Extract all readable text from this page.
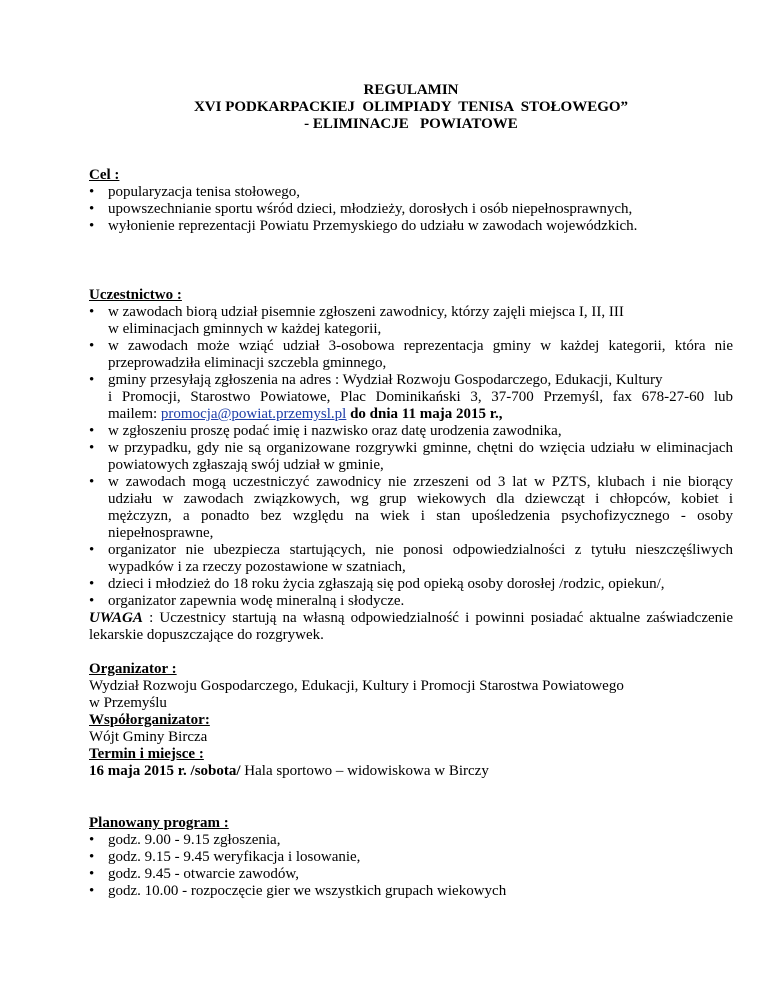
REGULAMIN
XVI PODKARPACKIEJ  OLIMPIADY  TENISA  STOŁOWEGO”
- ELIMINACJE   POWIATOWE
Cel :
• popularyzacja tenisa stołowego,
• upowszechnianie sportu wśród dzieci, młodzieży, dorosłych i osób niepełnosprawnych,
• wyłonienie reprezentacji Powiatu Przemyskiego do udziału w zawodach wojewódzkich.
Uczestnictwo :
• w zawodach biorą udział pisemnie zgłoszeni zawodnicy, którzy zajęli miejsca I, II, III
w eliminacjach gminnych w każdej kategorii,
• w zawodach może wziąć udział 3-osobowa reprezentacja gminy w każdej kategorii, która nie
przeprowadziła eliminacji szczebla gminnego,
• gminy przesyłają zgłoszenia na adres : Wydział Rozwoju Gospodarczego, Edukacji, Kultury
i Promocji, Starostwo Powiatowe, Plac Dominikański 3, 37-700 Przemyśl, fax 678-27-60 lub
mailem: promocja@powiat.przemysl.pl do dnia 11 maja 2015 r.,
• w zgłoszeniu proszę podać imię i nazwisko oraz datę urodzenia zawodnika,
• w przypadku, gdy nie są organizowane rozgrywki gminne, chętni do wzięcia udziału w eliminacjach
powiatowych zgłaszają swój udział w gminie,
• w zawodach mogą uczestniczyć zawodnicy nie zrzeszeni od 3 lat w PZTS, klubach i nie biorący
udziału w zawodach związkowych, wg grup wiekowych dla dziewcząt i chłopców, kobiet i
mężczyzn, a ponadto bez względu na wiek i stan upośledzenia psychofizycznego - osoby
niepełnosprawne,
• organizator nie ubezpiecza startujących, nie ponosi odpowiedzialności z tytułu nieszczęśliwych
wypadków i za rzeczy pozostawione w szatniach,
• dzieci i młodzież do 18 roku życia zgłaszają się pod opieką osoby dorosłej /rodzic, opiekun/,
• organizator zapewnia wodę mineralną i słodycze.
UWAGA : Uczestnicy startują na własną odpowiedzialność i powinni posiadać aktualne zaświadczenie
lekarskie dopuszczające do rozgrywek.
Organizator :
Wydział Rozwoju Gospodarczego, Edukacji, Kultury i Promocji Starostwa Powiatowego
w Przemyślu
Współorganizator:
Wójt Gminy Bircza
Termin i miejsce :
16 maja 2015 r. /sobota/ Hala sportowo – widowiskowa w Birczy
Planowany program :
• godz. 9.00 - 9.15 zgłoszenia,
• godz. 9.15 - 9.45 weryfikacja i losowanie,
• godz. 9.45 - otwarcie zawodów,
• godz. 10.00 - rozpoczęcie gier we wszystkich grupach wiekowych
